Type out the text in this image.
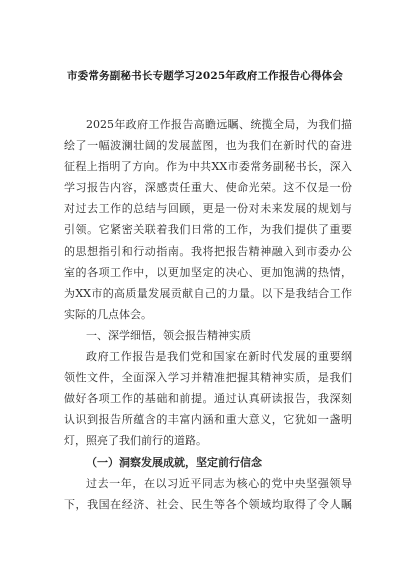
市委常务副秘书长专题学习2025年政府工作报告心得体会
2025年政府工作报告高瞻远瞩、统揽全局，为我们描
绘了一幅波澜壮阔的发展蓝图，也为我们在新时代的奋进
征程上指明了方向。作为中共XX市委常务副秘书长，深入
学习报告内容，深感责任重大、使命光荣。这不仅是一份
对过去工作的总结与回顾，更是一份对未来发展的规划与
引领。它紧密关联着我们日常的工作，为我们提供了重要
的思想指引和行动指南。我将把报告精神融入到市委办公
室的各项工作中，以更加坚定的决心、更加饱满的热情，
为XX市的高质量发展贡献自己的力量。以下是我结合工作
实际的几点体会。
一、深学细悟，领会报告精神实质
政府工作报告是我们党和国家在新时代发展的重要纲
领性文件，全面深入学习并精准把握其精神实质，是我们
做好各项工作的基础和前提。通过认真研读报告，我深刻
认识到报告所蕴含的丰富内涵和重大意义，它犹如一盏明
灯，照亮了我们前行的道路。
（一）洞察发展成就，坚定前行信念
过去一年，在以习近平同志为核心的党中央坚强领导
下，我国在经济、社会、民生等各个领域均取得了令人瞩
